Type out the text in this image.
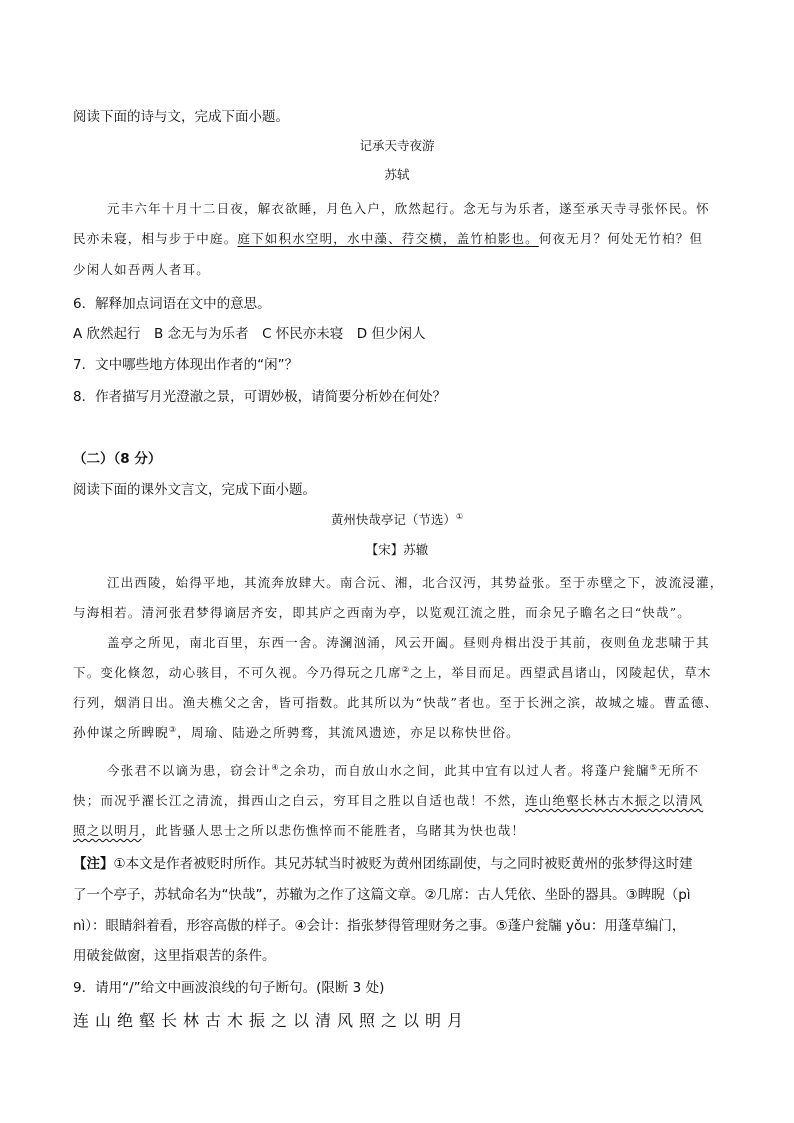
阅读下面的诗与文，完成下面小题。
记承天寺夜游
苏轼
元丰六年十月十二日夜，解衣欲睡，月色入户，欣然起行。念无与为乐者，遂至承天寺寻张怀民。怀
民亦未寝，相与步于中庭。庭下如积水空明，水中藻、荇交横，盖竹柏影也。何夜无月？何处无竹柏？但
少闲人如吾两人者耳。
6．解释加点词语在文中的意思。
A 欣然起行　B 念无与为乐者　C 怀民亦未寝　D 但少闲人
7．文中哪些地方体现出作者的“闲”？
8．作者描写月光澄澈之景，可谓妙极，请简要分析妙在何处？
（二）（8 分）
阅读下面的课外文言文，完成下面小题。
黄州快哉亭记（节选）①
【宋】苏辙
江出西陵，始得平地，其流奔放肆大。南合沅、湘，北合汉沔，其势益张。至于赤壁之下，波流浸灌，
与海相若。清河张君梦得谪居齐安，即其庐之西南为亭，以览观江流之胜，而余兄子瞻名之曰“快哉”。
盖亭之所见，南北百里，东西一舍。涛澜汹涌，风云开阖。昼则舟楫出没于其前，夜则鱼龙悲啸于其
下。变化倏忽，动心骇目，不可久视。今乃得玩之几席②之上，举目而足。西望武昌诸山，冈陵起伏，草木
行列，烟消日出。渔夫樵父之舍，皆可指数。此其所以为“快哉”者也。至于长洲之滨，故城之墟。曹孟德、
孙仲谋之所睥睨③，周瑜、陆逊之所骋骛，其流风遗迹，亦足以称快世俗。
今张君不以谪为患，窃会计④之余功，而自放山水之间，此其中宜有以过人者。将蓬户瓮牖⑤无所不
快；而况乎濯长江之清流，揖西山之白云，穷耳目之胜以自适也哉！不然，连山绝壑长林古木振之以清风
照之以明月，此皆骚人思士之所以悲伤憔悴而不能胜者，乌睹其为快也哉！
【注】①本文是作者被贬时所作。其兄苏轼当时被贬为黄州团练副使，与之同时被贬黄州的张梦得这时建
了一个亭子，苏轼命名为“快哉”，苏辙为之作了这篇文章。②几席：古人凭依、坐卧的器具。③睥睨（pì
nì）：眼睛斜着看，形容高傲的样子。④会计：指张梦得管理财务之事。⑤蓬户瓮牖 yǒu：用蓬草编门，
用破瓮做窗，这里指艰苦的条件。
9．请用“/”给文中画波浪线的句子断句。(限断 3 处)
连山绝壑长林古木振之以清风照之以明月
